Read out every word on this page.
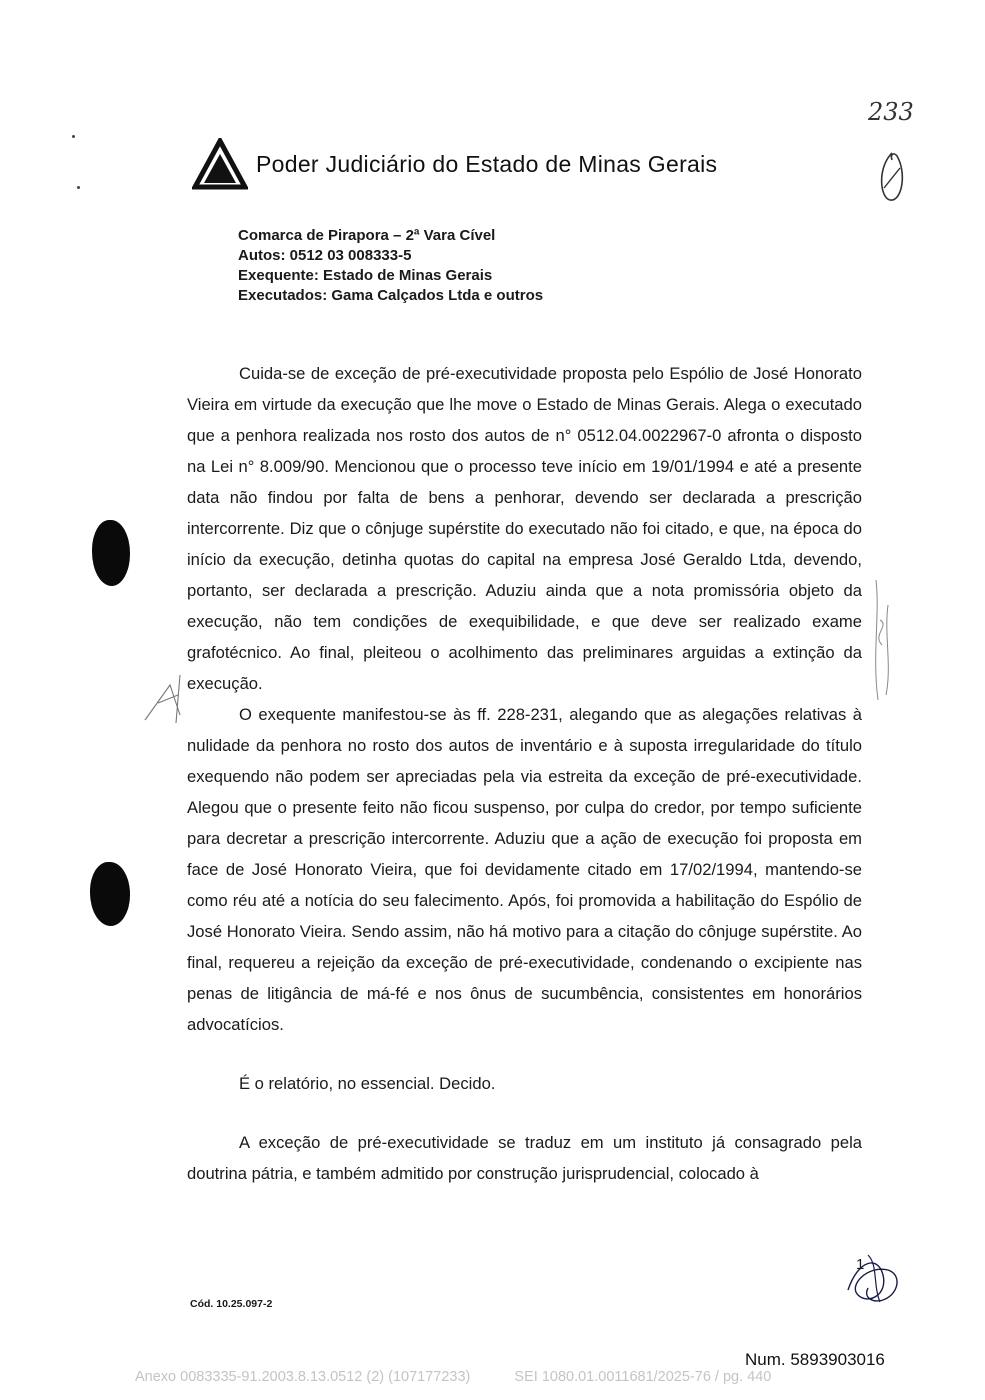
Poder Judiciário do Estado de Minas Gerais
233
Comarca de Pirapora – 2ª Vara Cível
Autos: 0512 03 008333-5
Exequente: Estado de Minas Gerais
Executados: Gama Calçados Ltda e outros

Cuida-se de exceção de pré-executividade proposta pelo Espólio de José Honorato Vieira em virtude da execução que lhe move o Estado de Minas Gerais. Alega o executado que a penhora realizada nos rosto dos autos de n° 0512.04.0022967-0 afronta o disposto na Lei n° 8.009/90. Mencionou que o processo teve início em 19/01/1994 e até a presente data não findou por falta de bens a penhorar, devendo ser declarada a prescrição intercorrente. Diz que o cônjuge supérstite do executado não foi citado, e que, na época do início da execução, detinha quotas do capital na empresa José Geraldo Ltda, devendo, portanto, ser declarada a prescrição. Aduziu ainda que a nota promissória objeto da execução, não tem condições de exequibilidade, e que deve ser realizado exame grafotécnico. Ao final, pleiteou o acolhimento das preliminares arguidas a extinção da execução.

O exequente manifestou-se às ff. 228-231, alegando que as alegações relativas à nulidade da penhora no rosto dos autos de inventário e à suposta irregularidade do título exequendo não podem ser apreciadas pela via estreita da exceção de pré-executividade. Alegou que o presente feito não ficou suspenso, por culpa do credor, por tempo suficiente para decretar a prescrição intercorrente. Aduziu que a ação de execução foi proposta em face de José Honorato Vieira, que foi devidamente citado em 17/02/1994, mantendo-se como réu até a notícia do seu falecimento. Após, foi promovida a habilitação do Espólio de José Honorato Vieira. Sendo assim, não há motivo para a citação do cônjuge supérstite. Ao final, requereu a rejeição da exceção de pré-executividade, condenando o excipiente nas penas de litigância de má-fé e nos ônus de sucumbência, consistentes em honorários advocatícios.

É o relatório, no essencial. Decido.

A exceção de pré-executividade se traduz em um instituto já consagrado pela doutrina pátria, e também admitido por construção jurisprudencial, colocado à

1
Cód. 10.25.097-2
Num. 5893903016
Anexo 0083335-91.2003.8.13.0512 (2) (107177233)	SEI 1080.01.0011681/2025-76 / pg. 440
